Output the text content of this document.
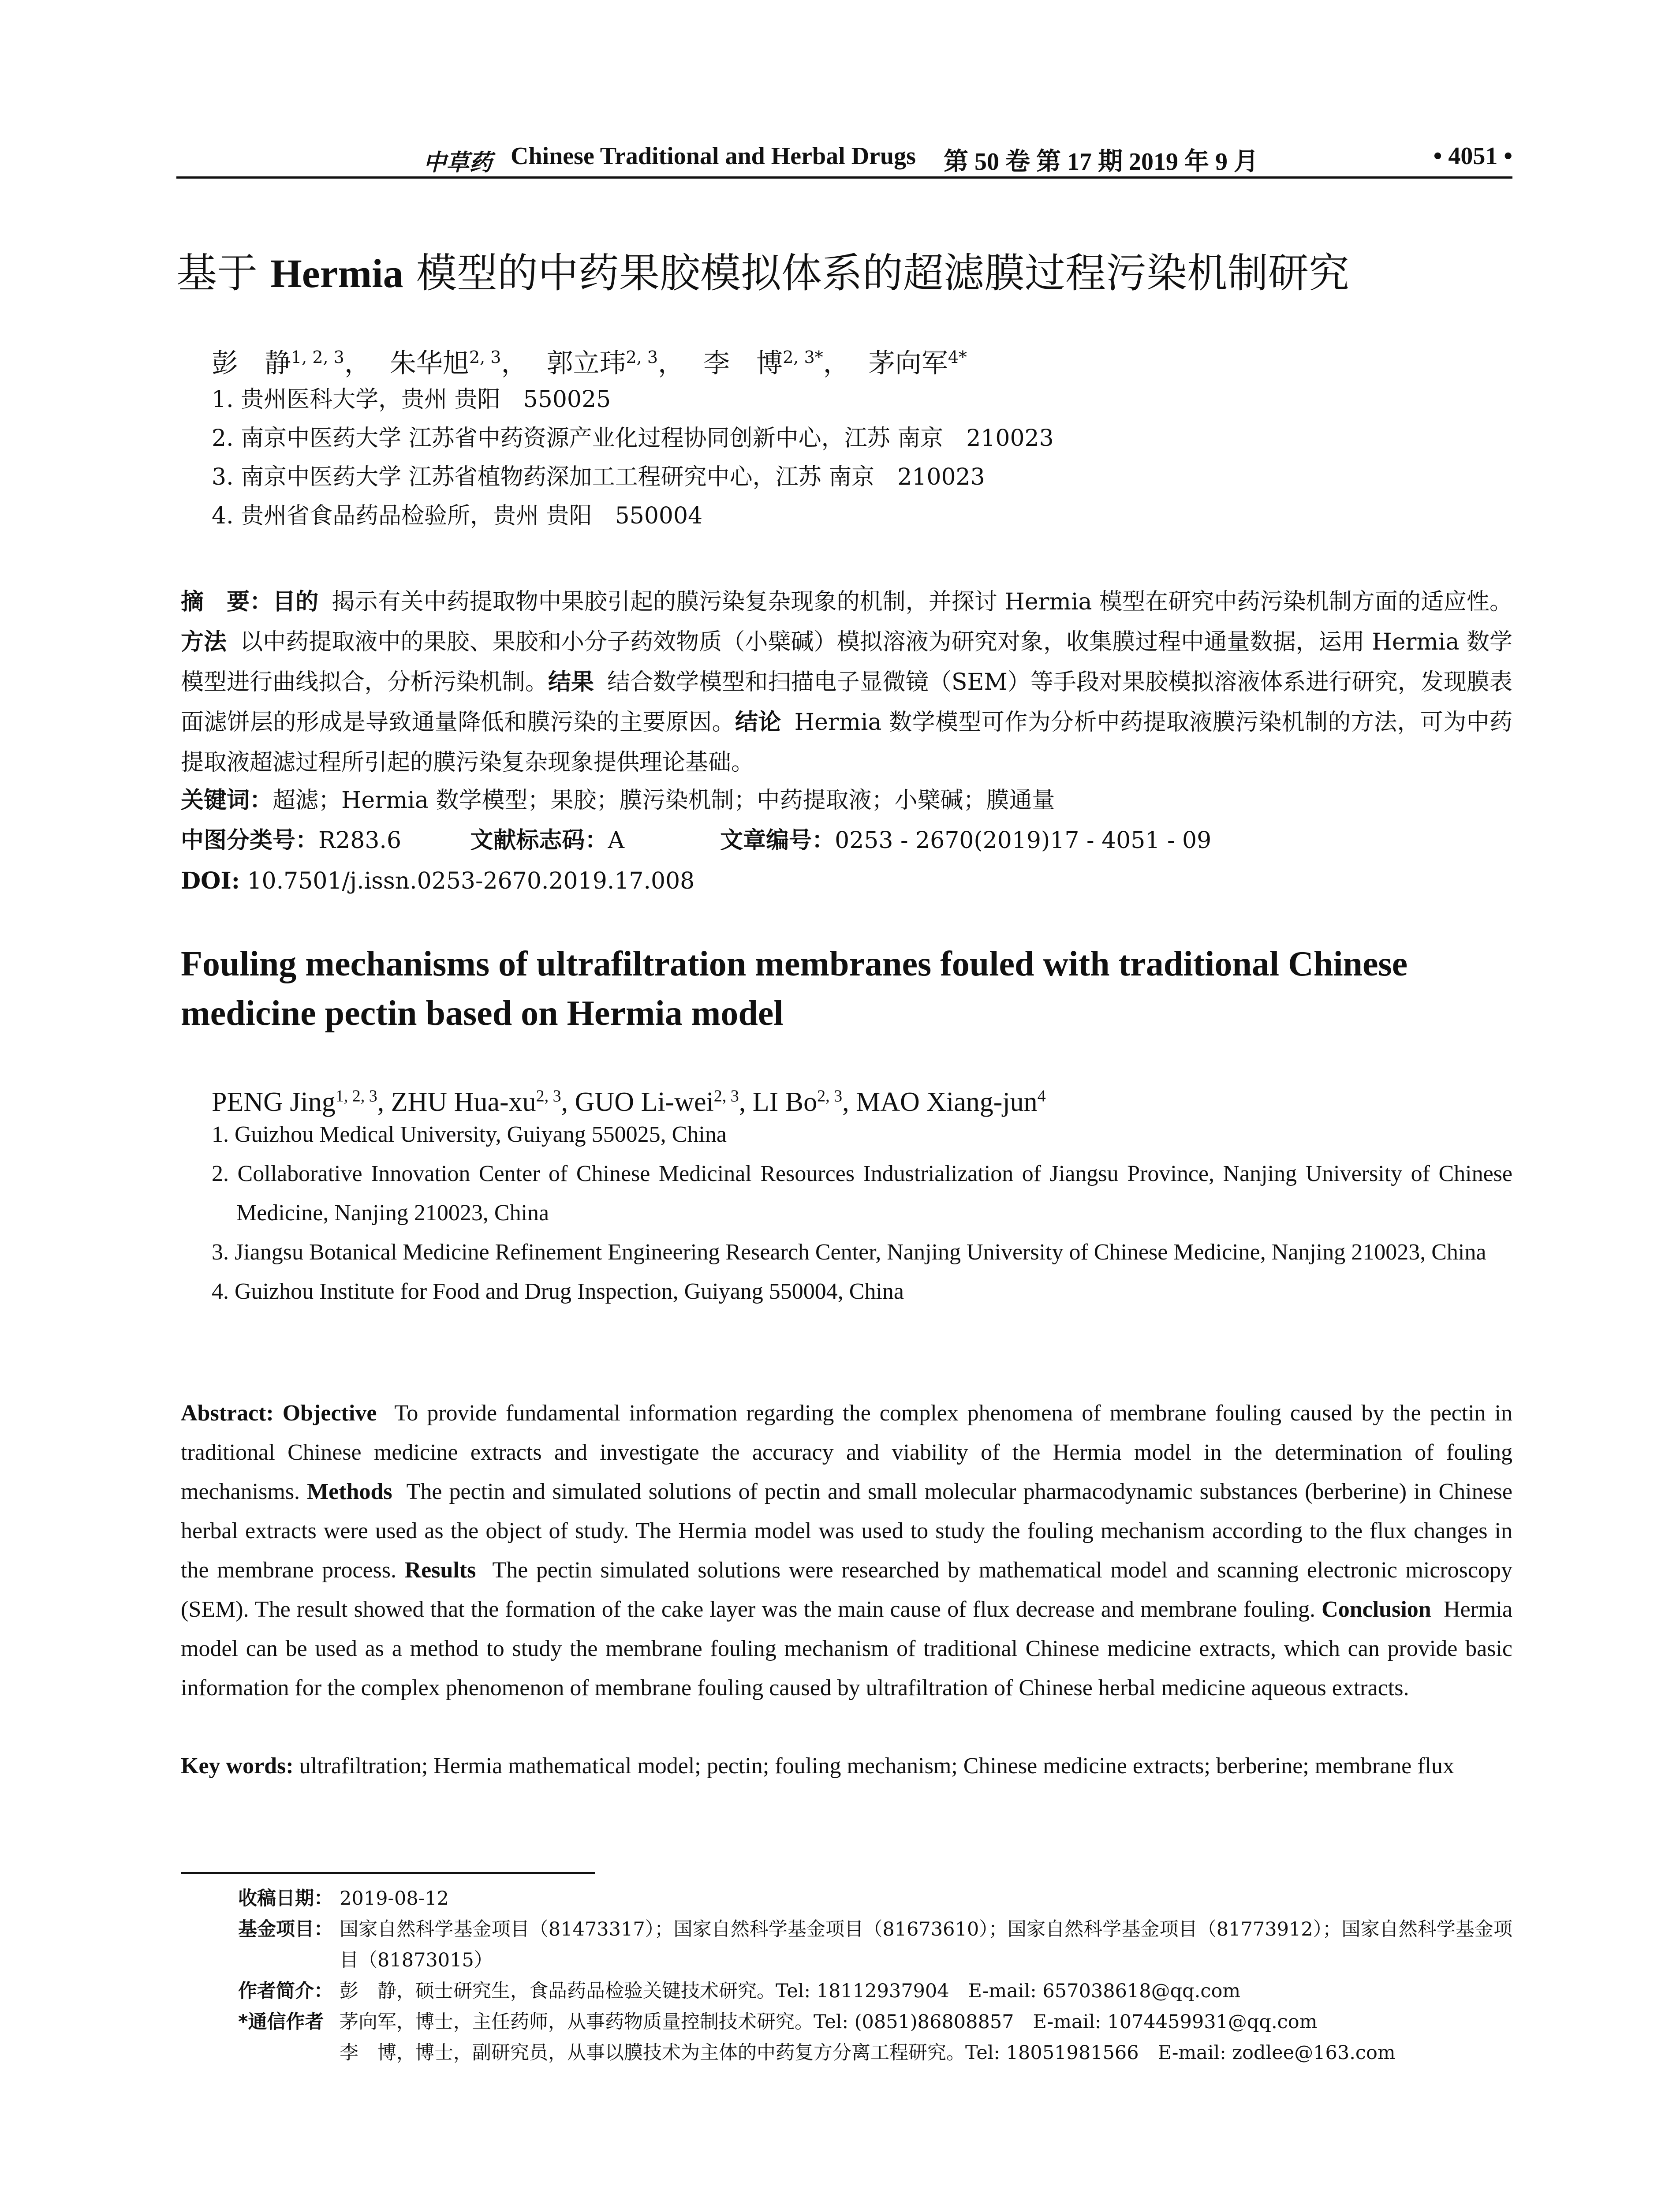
中草药 Chinese Traditional and Herbal Drugs 第 50 卷 第 17 期 2019 年 9 月	• 4051 •
基于 Hermia 模型的中药果胶模拟体系的超滤膜过程污染机制研究
彭　静$^{1, 2, 3}$， 朱华旭$^{2, 3}$， 郭立玮$^{2, 3}$， 李　博$^{2, 3*}$， 茅向军$^{4*}$
1. 贵州医科大学，贵州 贵阳　550025
2. 南京中医药大学 江苏省中药资源产业化过程协同创新中心，江苏 南京　210023
3. 南京中医药大学 江苏省植物药深加工工程研究中心，江苏 南京　210023
4. 贵州省食品药品检验所，贵州 贵阳　550004
摘　要：目的 揭示有关中药提取物中果胶引起的膜污染复杂现象的机制，并探讨 Hermia 模型在研究中药污染机制方面的适应性。方法 以中药提取液中的果胶、果胶和小分子药效物质（小檗碱）模拟溶液为研究对象，收集膜过程中通量数据，运用 Hermia 数学模型进行曲线拟合，分析污染机制。结果 结合数学模型和扫描电子显微镜（SEM）等手段对果胶模拟溶液体系进行研究，发现膜表面滤饼层的形成是导致通量降低和膜污染的主要原因。结论 Hermia 数学模型可作为分析中药提取液膜污染机制的方法，可为中药提取液超滤过程所引起的膜污染复杂现象提供理论基础。
关键词：超滤；Hermia 数学模型；果胶；膜污染机制；中药提取液；小檗碱；膜通量
中图分类号：R283.6	文献标志码：A	文章编号：0253 - 2670(2019)17 - 4051 - 09
DOI: 10.7501/j.issn.0253-2670.2019.17.008
Fouling mechanisms of ultrafiltration membranes fouled with traditional Chinese medicine pectin based on Hermia model
PENG Jing$^{1, 2, 3}$, ZHU Hua-xu$^{2, 3}$, GUO Li-wei$^{2, 3}$, LI Bo$^{2, 3}$, MAO Xiang-jun$^4$
1. Guizhou Medical University, Guiyang 550025, China
2. Collaborative Innovation Center of Chinese Medicinal Resources Industrialization of Jiangsu Province, Nanjing University of Chinese Medicine, Nanjing 210023, China
3. Jiangsu Botanical Medicine Refinement Engineering Research Center, Nanjing University of Chinese Medicine, Nanjing 210023, China
4. Guizhou Institute for Food and Drug Inspection, Guiyang 550004, China
Abstract: Objective To provide fundamental information regarding the complex phenomena of membrane fouling caused by the pectin in traditional Chinese medicine extracts and investigate the accuracy and viability of the Hermia model in the determination of fouling mechanisms. Methods The pectin and simulated solutions of pectin and small molecular pharmacodynamic substances (berberine) in Chinese herbal extracts were used as the object of study. The Hermia model was used to study the fouling mechanism according to the flux changes in the membrane process. Results The pectin simulated solutions were researched by mathematical model and scanning electronic microscopy (SEM). The result showed that the formation of the cake layer was the main cause of flux decrease and membrane fouling. Conclusion Hermia model can be used as a method to study the membrane fouling mechanism of traditional Chinese medicine extracts, which can provide basic information for the complex phenomenon of membrane fouling caused by ultrafiltration of Chinese herbal medicine aqueous extracts.
Key words: ultrafiltration; Hermia mathematical model; pectin; fouling mechanism; Chinese medicine extracts; berberine; membrane flux
收稿日期： 2019-08-12
基金项目： 国家自然科学基金项目（81473317）；国家自然科学基金项目（81673610）；国家自然科学基金项目（81773912）；国家自然科学基金项目（81873015）
作者简介： 彭　静，硕士研究生，食品药品检验关键技术研究。Tel: 18112937904　E-mail: 657038618@qq.com
*通信作者 茅向军，博士，主任药师，从事药物质量控制技术研究。Tel: (0851)86808857　E-mail: 1074459931@qq.com
李　博，博士，副研究员，从事以膜技术为主体的中药复方分离工程研究。Tel: 18051981566　E-mail: zodlee@163.com
